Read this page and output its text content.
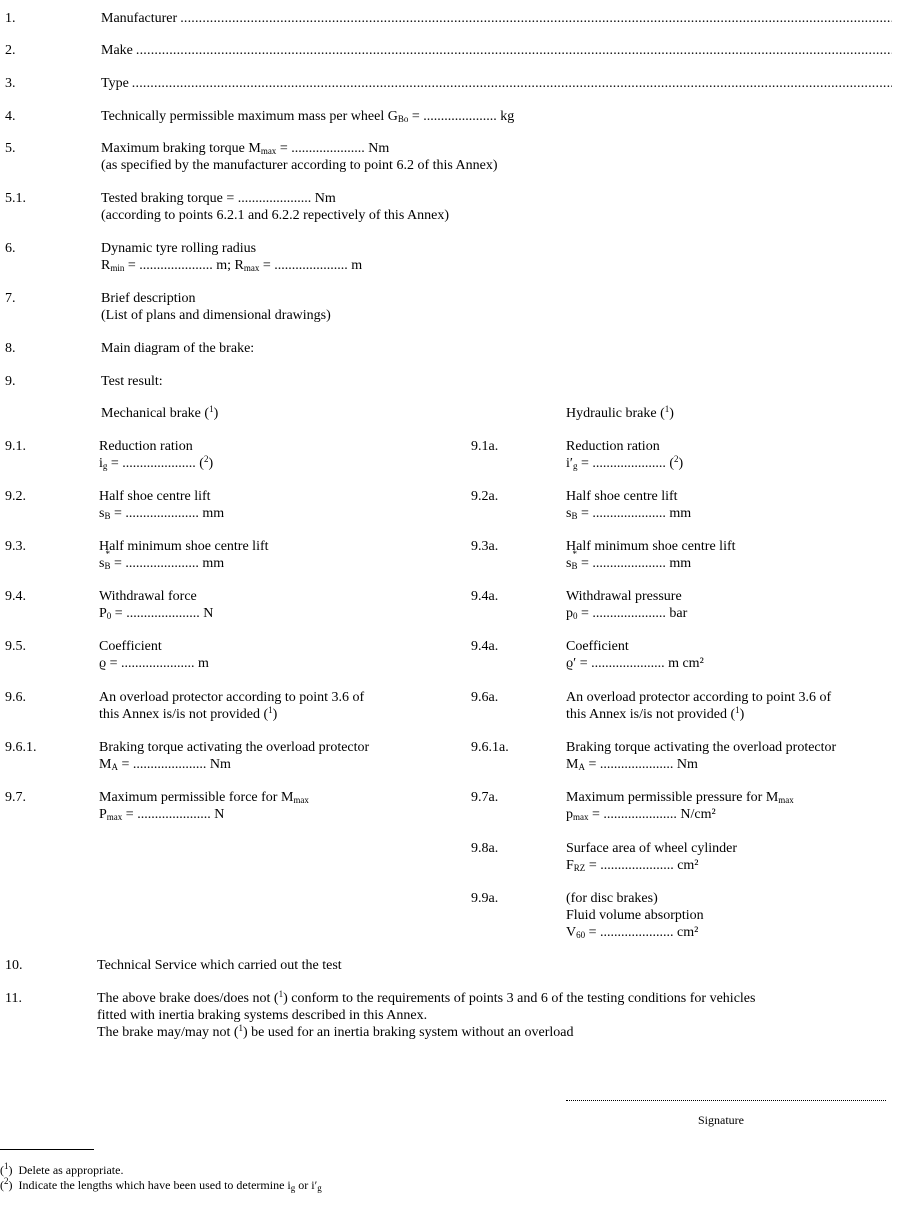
1.	Manufacturer
.....
2.	Make
.....
3.	Type
.....
4.	Technically permissible maximum mass per wheel $G_{Bo}$ = ..................... kg
5.	Maximum braking torque $M_{max}$ = ..................... Nm
(as specified by the manufacturer according to point 6.2 of this Annex)
5.1.	Tested braking torque = ..................... Nm
(according to points 6.2.1 and 6.2.2 repectively of this Annex)
6.	Dynamic tyre rolling radius
$R_{min}$ = ..................... m; $R_{max}$ = ..................... m
7.	Brief description
(List of plans and dimensional drawings)
8.	Main diagram of the brake:
9.	Test result:
Mechanical brake ($^1$)	Hydraulic brake ($^1$)
9.1.	Reduction ration
$i_g$ = ..................... ($^2$)
9.2.	Half shoe centre lift
$s_B$ = ..................... mm
9.3.	Half minimum shoe centre lift
s* $_B$ = ..................... mm
9.4.	Withdrawal force
$P_0$ = ..................... N
9.5.	Coefficient
ϱ = ..................... m
9.6.	An overload protector according to point 3.6 of
this Annex is/is not provided ($^1$)
9.6.1.	Braking torque activating the overload protector
$M_A$ = ..................... Nm
9.7.	Maximum permissible force for $M_{max}$
$P_{max}$ = ..................... N
9.1a.	Reduction ration
$i'_g$ = ..................... ($^2$)
9.2a.	Half shoe centre lift
$s_B$ = ..................... mm
9.3a.	Half minimum shoe centre lift
s* $_B$ = ..................... mm
9.4a.	Withdrawal pressure
$p_0$ = ..................... bar
9.4a.	Coefficient
ϱ′ = ..................... m cm²
9.6a.	An overload protector according to point 3.6 of
this Annex is/is not provided ($^1$)
9.6.1a.	Braking torque activating the overload protector
$M_A$ = ..................... Nm
9.7a.	Maximum permissible pressure for $M_{max}$
$p_{max}$ = ..................... N/cm²
9.8a.	Surface area of wheel cylinder
$F_{RZ}$ = ..................... cm²
9.9a.	(for disc brakes)
Fluid volume absorption
$V_{60}$ = ..................... cm²
10.	Technical Service which carried out the test
11.	The above brake does/does not ($^1$) conform to the requirements of points 3 and 6 of the testing conditions for vehicles
fitted with inertia braking systems described in this Annex.
The brake may/may not ($^1$) be used for an inertia braking system without an overload
Signature
($^1$)  Delete as appropriate.
($^2$)  Indicate the lengths which have been used to determine $i_g$ or $i'_g$
